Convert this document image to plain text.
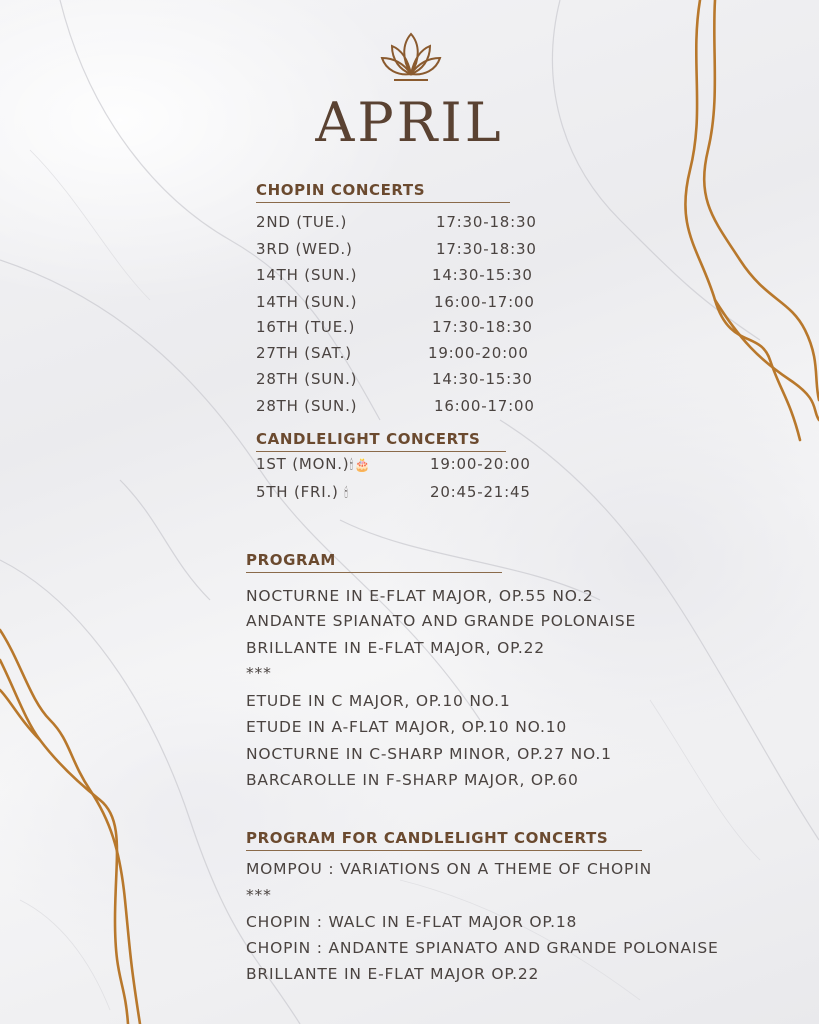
APRIL
CHOPIN CONCERTS
2ND (TUE.)	17:30-18:30
3RD (WED.)	17:30-18:30
14TH (SUN.)	14:30-15:30
14TH (SUN.)	16:00-17:00
16TH (TUE.)	17:30-18:30
27TH (SAT.)	19:00-20:00
28TH (SUN.)	14:30-15:30
28TH (SUN.)	16:00-17:00
CANDLELIGHT CONCERTS
1ST (MON.)🕯🎂	19:00-20:00
5TH (FRI.) 🕯	20:45-21:45
PROGRAM
NOCTURNE IN E-FLAT MAJOR, OP.55 NO.2
ANDANTE SPIANATO AND GRANDE POLONAISE
BRILLANTE IN E-FLAT MAJOR, OP.22
***
ETUDE IN C MAJOR, OP.10 NO.1
ETUDE IN A-FLAT MAJOR, OP.10 NO.10
NOCTURNE IN C-SHARP MINOR, OP.27 NO.1
BARCAROLLE IN F-SHARP MAJOR, OP.60
PROGRAM FOR CANDLELIGHT CONCERTS
MOMPOU : VARIATIONS ON A THEME OF CHOPIN
***
CHOPIN : WALC IN E-FLAT MAJOR OP.18
CHOPIN : ANDANTE SPIANATO AND GRANDE POLONAISE
BRILLANTE IN E-FLAT MAJOR OP.22
